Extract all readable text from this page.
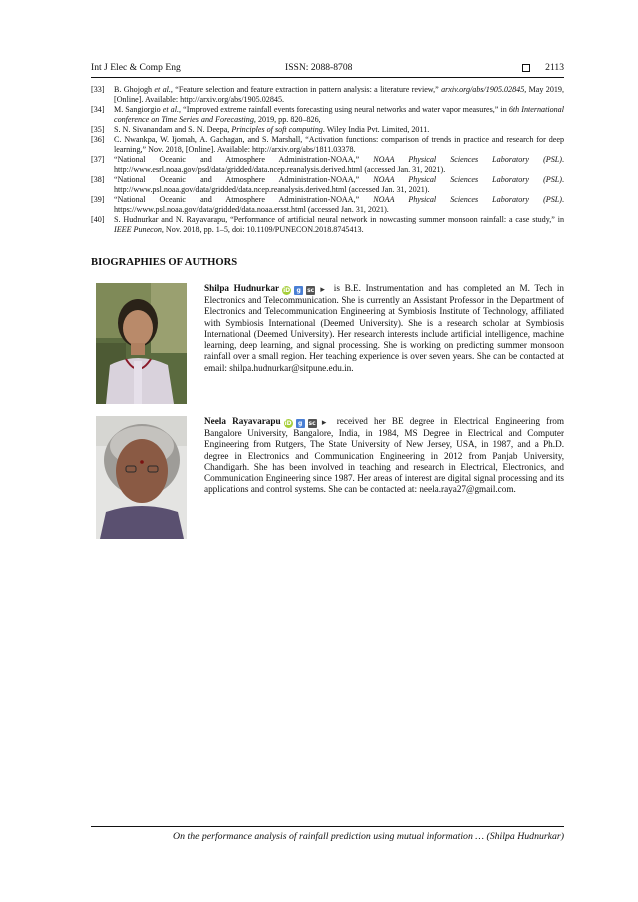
Int J Elec & Comp Eng	ISSN: 2088-8708	2113
[33]	B. Ghojogh et al., “Feature selection and feature extraction in pattern analysis: a literature review,” arxiv.org/abs/1905.02845, May 2019, [Online]. Available: http://arxiv.org/abs/1905.02845.
[34]	M. Sangiorgio et al., “Improved extreme rainfall events forecasting using neural networks and water vapor measures,” in 6th International conference on Time Series and Forecasting, 2019, pp. 820–826,
[35]	S. N. Sivanandam and S. N. Deepa, Principles of soft computing. Wiley India Pvt. Limited, 2011.
[36]	C. Nwankpa, W. Ijomah, A. Gachagan, and S. Marshall, “Activation functions: comparison of trends in practice and research for deep learning,” Nov. 2018, [Online]. Available: http://arxiv.org/abs/1811.03378.
[37]	“National Oceanic and Atmosphere Administration-NOAA,” NOAA Physical Sciences Laboratory (PSL). http://www.esrl.noaa.gov/psd/data/gridded/data.ncep.reanalysis.derived.html (accessed Jan. 31, 2021).
[38]	“National Oceanic and Atmosphere Administration-NOAA,” NOAA Physical Sciences Laboratory (PSL). http://www.psl.noaa.gov/data/gridded/data.ncep.reanalysis.derived.html (accessed Jan. 31, 2021).
[39]	“National Oceanic and Atmosphere Administration-NOAA,” NOAA Physical Sciences Laboratory (PSL). https://www.psl.noaa.gov/data/gridded/data.noaa.ersst.html (accessed Jan. 31, 2021).
[40]	S. Hudnurkar and N. Rayavarapu, “Performance of artificial neural network in nowcasting summer monsoon rainfall: a case study,” in IEEE Punecon, Nov. 2018, pp. 1–5, doi: 10.1109/PUNECON.2018.8745413.
BIOGRAPHIES OF AUTHORS
Shilpa Hudnurkar iD	g	sc ▸ is B.E. Instrumentation and has completed an M. Tech in Electronics and Telecommunication. She is currently an Assistant Professor in the Department of Electronics and Telecommunication Engineering at Symbiosis Institute of Technology, affiliated with Symbiosis International (Deemed University). She is a research scholar at Symbiosis International (Deemed University). Her research interests include artificial intelligence, machine learning, deep learning, and signal processing. She is working on predicting summer monsoon rainfall over a small region. Her teaching experience is over seven years. She can be contacted at email: shilpa.hudnurkar@sitpune.edu.in.
Neela Rayavarapu iD	g	sc ▸ received her BE degree in Electrical Engineering from Bangalore University, Bangalore, India, in 1984, MS Degree in Electrical and Computer Engineering from Rutgers, The State University of New Jersey, USA, in 1987, and a Ph.D. degree in Electronics and Communication Engineering in 2012 from Panjab University, Chandigarh. She has been involved in teaching and research in Electrical, Electronics, and Communication Engineering since 1987. Her areas of interest are digital signal processing and its applications and control systems. She can be contacted at: neela.raya27@gmail.com.
On the performance analysis of rainfall prediction using mutual information … (Shilpa Hudnurkar)
